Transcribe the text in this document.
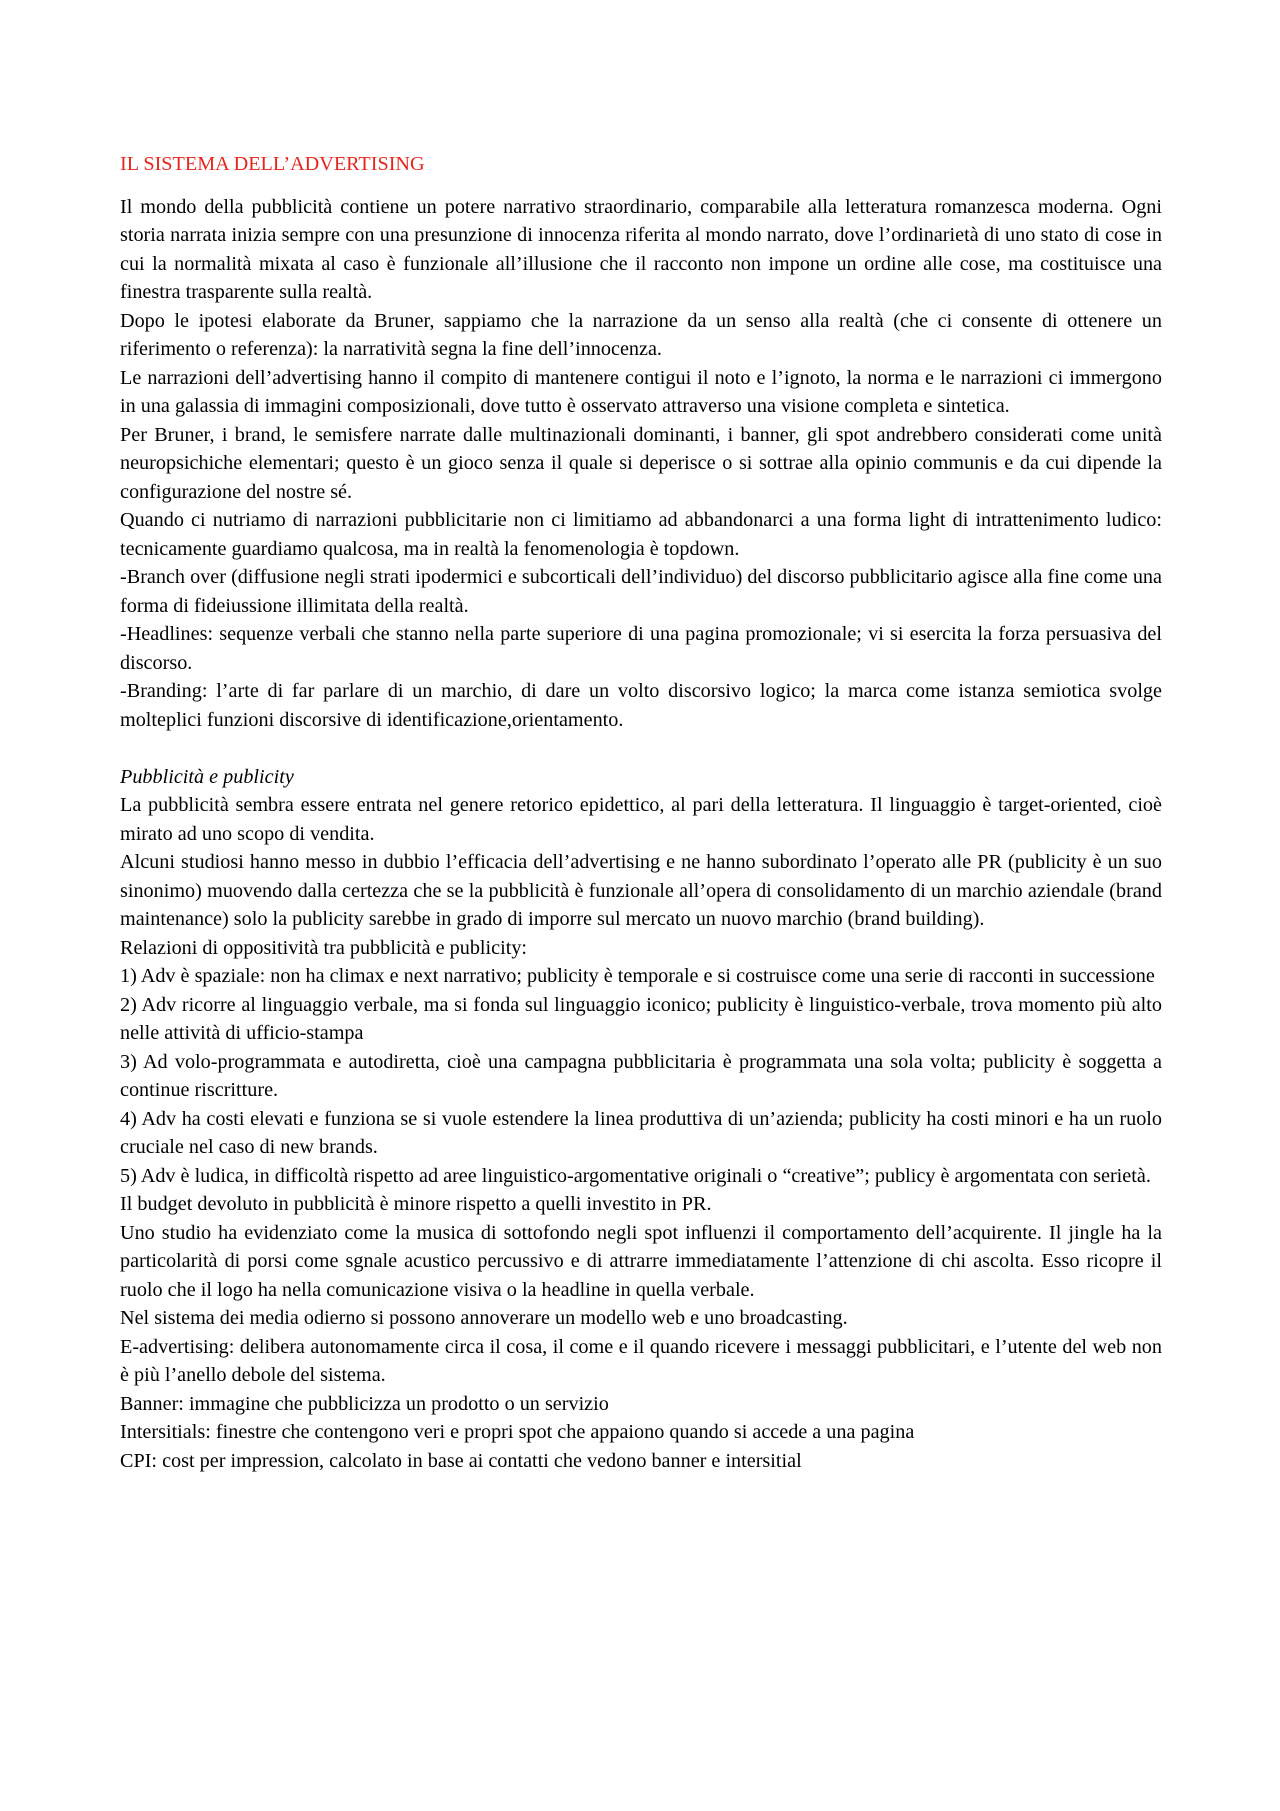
IL SISTEMA DELL’ADVERTISING

Il mondo della pubblicità contiene un potere narrativo straordinario, comparabile alla letteratura romanzesca moderna. Ogni storia narrata inizia sempre con una presunzione di innocenza riferita al mondo narrato, dove l’ordinarietà di uno stato di cose in cui la normalità mixata al caso è funzionale all’illusione che il racconto non impone un ordine alle cose, ma costituisce una finestra trasparente sulla realtà.

Dopo le ipotesi elaborate da Bruner, sappiamo che la narrazione da un senso alla realtà (che ci consente di ottenere un riferimento o referenza): la narratività segna la fine dell’innocenza.

Le narrazioni dell’advertising hanno il compito di mantenere contigui il noto e l’ignoto, la norma e le narrazioni ci immergono in una galassia di immagini composizionali, dove tutto è osservato attraverso una visione completa e sintetica.

Per Bruner, i brand, le semisfere narrate dalle multinazionali dominanti, i banner, gli spot andrebbero considerati come unità neuropsichiche elementari; questo è un gioco senza il quale si deperisce o si sottrae alla opinio communis e da cui dipende la configurazione del nostre sé.

Quando ci nutriamo di narrazioni pubblicitarie non ci limitiamo ad abbandonarci a una forma light di intrattenimento ludico: tecnicamente guardiamo qualcosa, ma in realtà la fenomenologia è topdown.

-Branch over (diffusione negli strati ipodermici e subcorticali dell’individuo) del discorso pubblicitario agisce alla fine come una forma di fideiussione illimitata della realtà.

-Headlines: sequenze verbali che stanno nella parte superiore di una pagina promozionale; vi si esercita la forza persuasiva del discorso.

-Branding: l’arte di far parlare di un marchio, di dare un volto discorsivo logico; la marca come istanza semiotica svolge molteplici funzioni discorsive di identificazione,orientamento.

Pubblicità e publicity

La pubblicità sembra essere entrata nel genere retorico epidettico, al pari della letteratura. Il linguaggio è target-oriented, cioè mirato ad uno scopo di vendita.

Alcuni studiosi hanno messo in dubbio l’efficacia dell’advertising e ne hanno subordinato l’operato alle PR (publicity è un suo sinonimo) muovendo dalla certezza che se la pubblicità è funzionale all’opera di consolidamento di un marchio aziendale (brand maintenance) solo la publicity sarebbe in grado di imporre sul mercato un nuovo marchio (brand building).

Relazioni di oppositività tra pubblicità e publicity:

1) Adv è spaziale: non ha climax e next narrativo; publicity è temporale e si costruisce come una serie di racconti in successione

2) Adv ricorre al linguaggio verbale, ma si fonda sul linguaggio iconico; publicity è linguistico-verbale, trova momento più alto nelle attività di ufficio-stampa

3) Ad volo-programmata e autodiretta, cioè una campagna pubblicitaria è programmata una sola volta; publicity è soggetta a continue riscritture.

4) Adv ha costi elevati e funziona se si vuole estendere la linea produttiva di un’azienda; publicity ha costi minori e ha un ruolo cruciale nel caso di new brands.

5) Adv è ludica, in difficoltà rispetto ad aree linguistico-argomentative originali o “creative”; publicy è argomentata con serietà.

Il budget devoluto in pubblicità è minore rispetto a quelli investito in PR.

Uno studio ha evidenziato come la musica di sottofondo negli spot influenzi il comportamento dell’acquirente. Il jingle ha la particolarità di porsi come sgnale acustico percussivo e di attrarre immediatamente l’attenzione di chi ascolta. Esso ricopre il ruolo che il logo ha nella comunicazione visiva o la headline in quella verbale.

Nel sistema dei media odierno si possono annoverare un modello web e uno broadcasting.

E-advertising: delibera autonomamente circa il cosa, il come e il quando ricevere i messaggi pubblicitari, e l’utente del web non è più l’anello debole del sistema.

Banner: immagine che pubblicizza un prodotto o un servizio

Intersitials: finestre che contengono veri e propri spot che appaiono quando si accede a una pagina

CPI: cost per impression, calcolato in base ai contatti che vedono banner e intersitial
